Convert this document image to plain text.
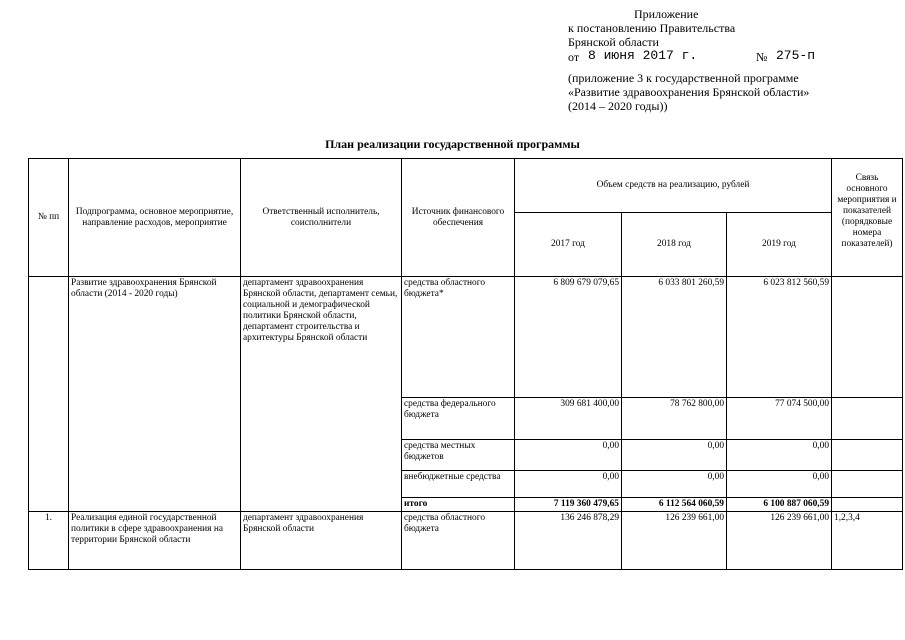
Приложение
к постановлению Правительства
Брянской области
от 8 июня 2017 г.	№ 275-п
(приложение 3 к государственной программе
«Развитие здравоохранения Брянской области»
(2014 – 2020 годы))
План реализации государственной программы
№ пп	Подпрограмма, основное мероприятие, направление расходов, мероприятие	Ответственный исполнитель, соисполнители	Источник финансового обеспечения	Объем средств на реализацию, рублей			Связь основного мероприятия и показателей (порядковые номера показателей)
				2017 год	2018 год	2019 год	
	Развитие здравоохранения Брянской области (2014 - 2020 годы)	департамент здравоохранения Брянской области, департамент семьи, социальной и демографической политики Брянской области, департамент строительства и архитектуры Брянской области	средства областного бюджета*	6 809 679 079,65	6 033 801 260,59	6 023 812 560,59	
			средства федерального бюджета	309 681 400,00	78 762 800,00	77 074 500,00	
			средства местных бюджетов	0,00	0,00	0,00	
			внебюджетные средства	0,00	0,00	0,00	
			итого	7 119 360 479,65	6 112 564 060,59	6 100 887 060,59	
1.	Реализация единой государственной политики в сфере здравоохранения на территории Брянской области	департамент здравоохранения Брянской области	средства областного бюджета	136 246 878,29	126 239 661,00	126 239 661,00	1,2,3,4
